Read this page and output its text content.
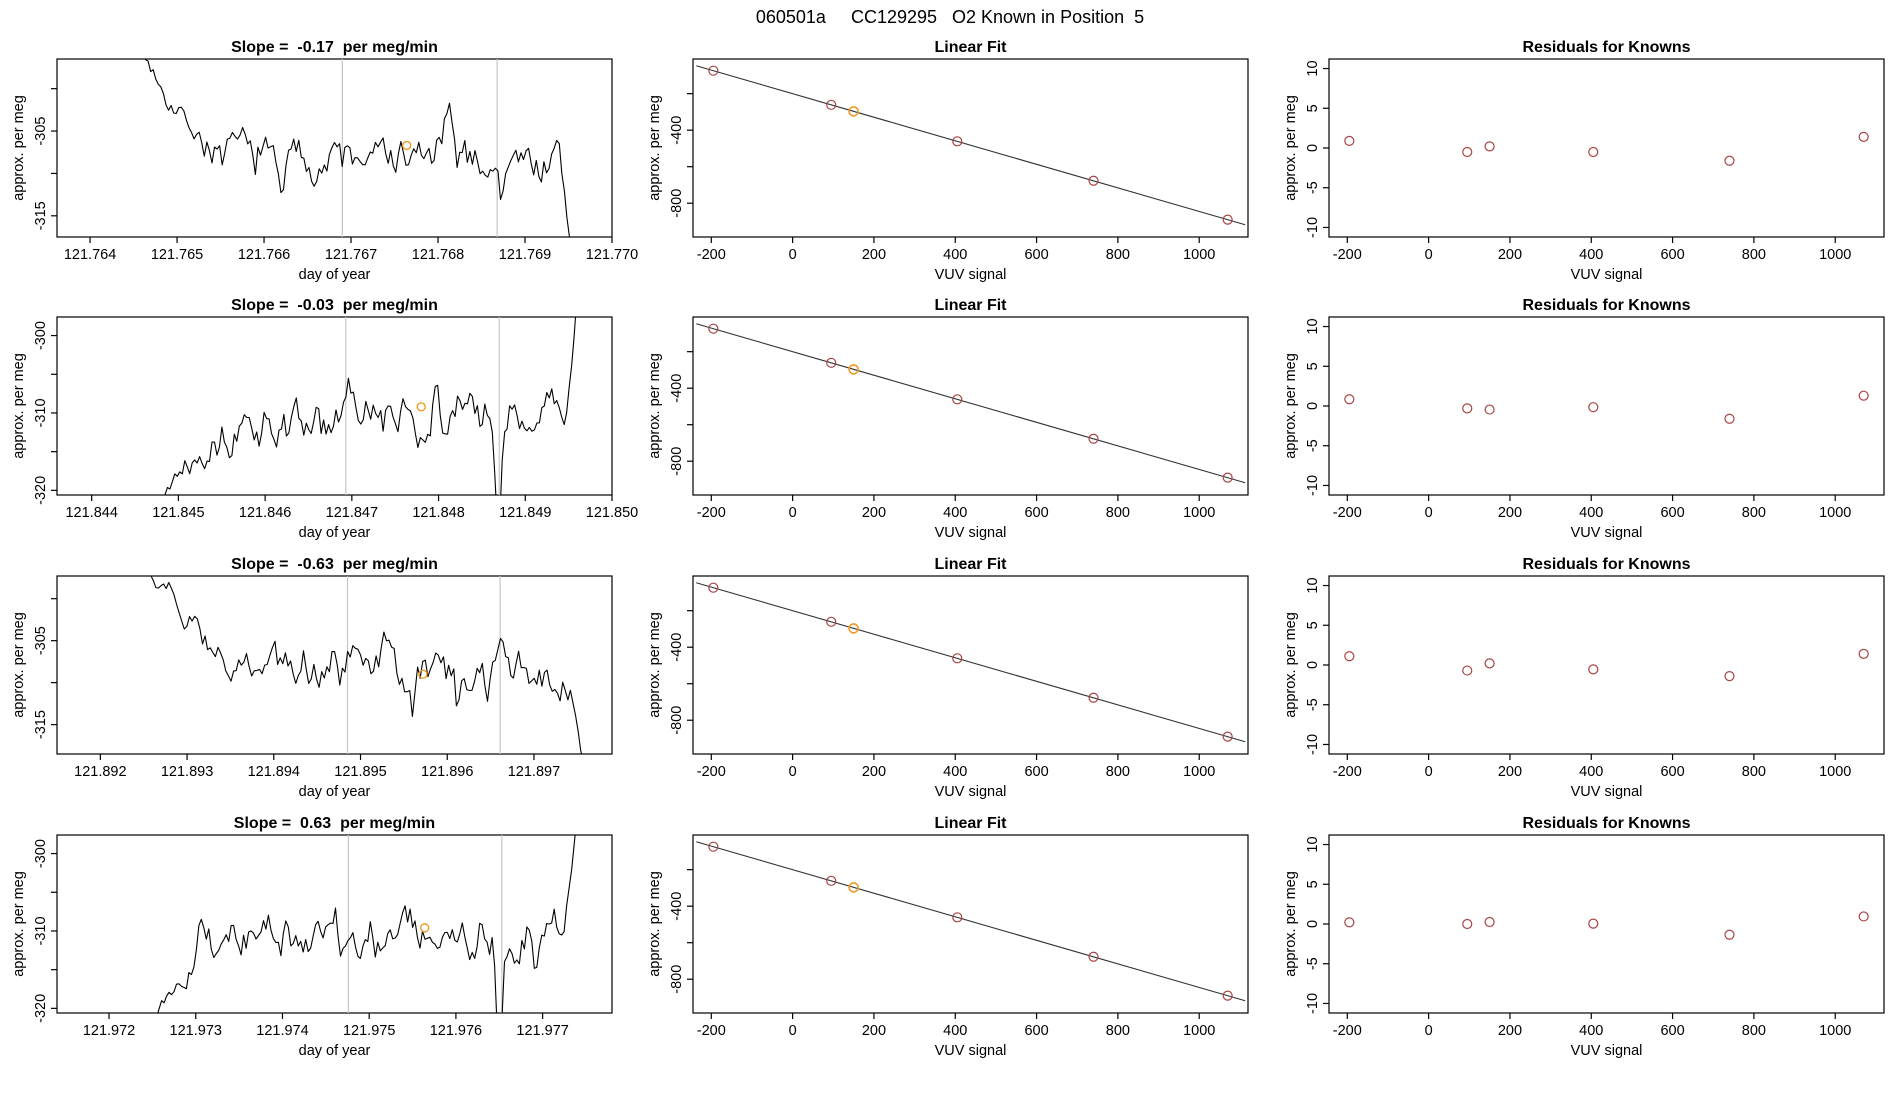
060501a     CC129295   O2 Known in Position  5
121.764 121.765 121.766 121.767 121.768 121.769 121.770
day of year
-305
-315
approx. per meg
Slope =  -0.17  per meg/min
-200	0	200	400	600	800	1000
VUV signal
-400
-800
approx. per meg
Linear Fit
-200	0	200	400	600	800	1000
VUV signal
10
5
0
-5
-10
approx. per meg
Residuals for Knowns
121.844 121.845 121.846 121.847 121.848 121.849 121.850
day of year
-300
-310
-320
approx. per meg
Slope =  -0.03  per meg/min
-200	0	200	400	600	800	1000
VUV signal
-400
-800
approx. per meg
Linear Fit
-200	0	200	400	600	800	1000
VUV signal
10
5
0
-5
-10
approx. per meg
Residuals for Knowns
121.892 121.893 121.894 121.895 121.896 121.897
day of year
-305
-315
approx. per meg
Slope =  -0.63  per meg/min
-200	0	200	400	600	800	1000
VUV signal
-400
-800
approx. per meg
Linear Fit
-200	0	200	400	600	800	1000
VUV signal
10
5
0
-5
-10
approx. per meg
Residuals for Knowns
121.972 121.973 121.974 121.975 121.976 121.977
day of year
-300
-310
-320
approx. per meg
Slope =  0.63  per meg/min
-200	0	200	400	600	800	1000
VUV signal
-400
-800
approx. per meg
Linear Fit
-200	0	200	400	600	800	1000
VUV signal
10
5
0
-5
-10
approx. per meg
Residuals for Knowns
